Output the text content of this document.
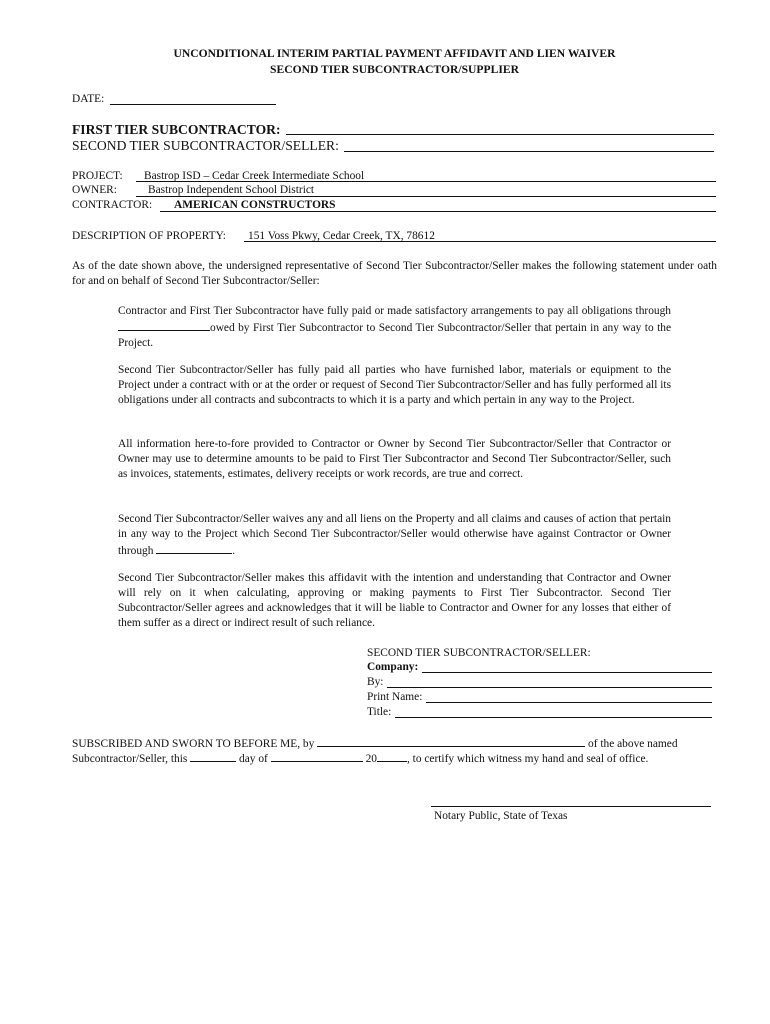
UNCONDITIONAL INTERIM PARTIAL PAYMENT AFFIDAVIT AND LIEN WAIVER
SECOND TIER SUBCONTRACTOR/SUPPLIER
DATE:
FIRST TIER SUBCONTRACTOR:
SECOND TIER SUBCONTRACTOR/SELLER:
PROJECT: Bastrop ISD – Cedar Creek Intermediate School
OWNER:	Bastrop Independent School District
CONTRACTOR: AMERICAN CONSTRUCTORS
DESCRIPTION OF PROPERTY: 151 Voss Pkwy, Cedar Creek, TX, 78612
As of the date shown above, the undersigned representative of Second Tier Subcontractor/Seller makes the following statement under oath for and on behalf of Second Tier Subcontractor/Seller:
Contractor and First Tier Subcontractor have fully paid or made satisfactory arrangements to pay all obligations through owed by First Tier Subcontractor to Second Tier Subcontractor/Seller that pertain in any way to the Project.
Second Tier Subcontractor/Seller has fully paid all parties who have furnished labor, materials or equipment to the Project under a contract with or at the order or request of Second Tier Subcontractor/Seller and has fully performed all its obligations under all contracts and subcontracts to which it is a party and which pertain in any way to the Project.
All information here-to-fore provided to Contractor or Owner by Second Tier Subcontractor/Seller that Contractor or Owner may use to determine amounts to be paid to First Tier Subcontractor and Second Tier Subcontractor/Seller, such as invoices, statements, estimates, delivery receipts or work records, are true and correct.
Second Tier Subcontractor/Seller waives any and all liens on the Property and all claims and causes of action that pertain in any way to the Project which Second Tier Subcontractor/Seller would otherwise have against Contractor or Owner through	.
Second Tier Subcontractor/Seller makes this affidavit with the intention and understanding that Contractor and Owner will rely on it when calculating, approving or making payments to First Tier Subcontractor. Second Tier Subcontractor/Seller agrees and acknowledges that it will be liable to Contractor and Owner for any losses that either of them suffer as a direct or indirect result of such reliance.
SECOND TIER SUBCONTRACTOR/SELLER:
Company:
By:
Print Name:
Title:
SUBSCRIBED AND SWORN TO BEFORE ME, by	of the above named
Subcontractor/Seller, this	day of	20	, to certify which witness my hand and seal of office.
Notary Public, State of Texas
